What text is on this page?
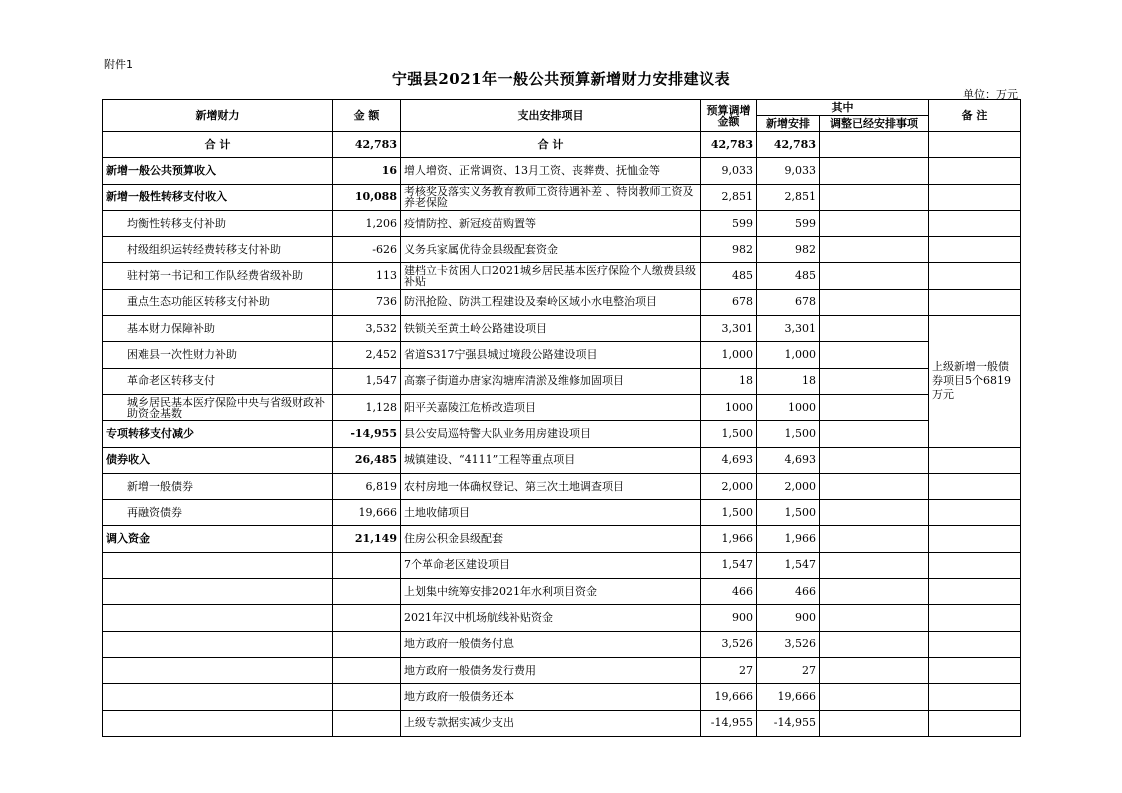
附件1
宁强县2021年一般公共预算新增财力安排建议表
单位：万元
新增财力	金 额	支出安排项目	预算调增金额	其中		备 注
				新增安排	调整已经安排事项	
合 计	42,783	合 计	42,783	42,783		
新增一般公共预算收入	16	增人增资、正常调资、13月工资、丧葬费、抚恤金等	9,033	9,033		
新增一般性转移支付收入	10,088	考核奖及落实义务教育教师工资待遇补差 、特岗教师工资及养老保险	2,851	2,851		
均衡性转移支付补助	1,206	疫情防控、新冠疫苗购置等	599	599		
村级组织运转经费转移支付补助	-626	义务兵家属优待金县级配套资金	982	982		
驻村第一书记和工作队经费省级补助	113	建档立卡贫困人口2021城乡居民基本医疗保险个人缴费县级补贴	485	485		
重点生态功能区转移支付补助	736	防汛抢险、防洪工程建设及秦岭区域小水电整治项目	678	678		
基本财力保障补助	3,532	铁锁关至黄土岭公路建设项目	3,301	3,301		上级新增一般债券项目5个6819万元
困难县一次性财力补助	2,452	省道S317宁强县城过境段公路建设项目	1,000	1,000		
革命老区转移支付	1,547	高寨子街道办唐家沟塘库清淤及维修加固项目	18	18		
城乡居民基本医疗保险中央与省级财政补助资金基数	1,128	阳平关嘉陵江危桥改造项目	1000	1000		
专项转移支付减少	-14,955	县公安局巡特警大队业务用房建设项目	1,500	1,500		
债券收入	26,485	城镇建设、“4111”工程等重点项目	4,693	4,693		
新增一般债券	6,819	农村房地一体确权登记、第三次土地调查项目	2,000	2,000		
再融资债券	19,666	土地收储项目	1,500	1,500		
调入资金	21,149	住房公积金县级配套	1,966	1,966		
		7个革命老区建设项目	1,547	1,547		
		上划集中统筹安排2021年水利项目资金	466	466		
		2021年汉中机场航线补贴资金	900	900		
		地方政府一般债务付息	3,526	3,526		
		地方政府一般债务发行费用	27	27		
		地方政府一般债务还本	19,666	19,666		
		上级专款据实减少支出	-14,955	-14,955		
